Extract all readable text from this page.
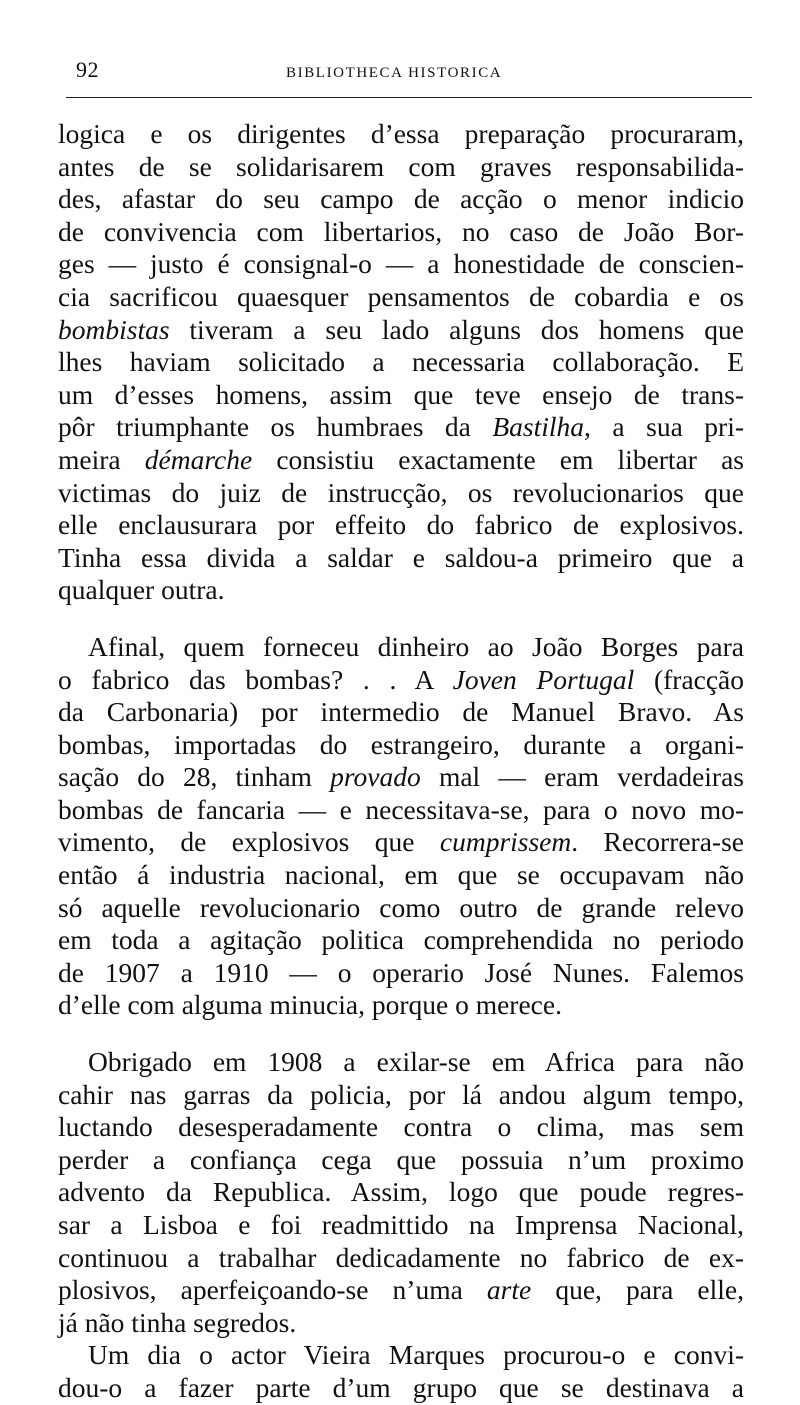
92	BIBLIOTHECA HISTORICA
logica e os dirigentes d’essa preparação procuraram,
antes de se solidarisarem com graves responsabilida-
des, afastar do seu campo de acção o menor indicio
de convivencia com libertarios, no caso de João Bor-
ges — justo é consignal-o — a honestidade de conscien-
cia sacrificou quaesquer pensamentos de cobardia e os
bombistas tiveram a seu lado alguns dos homens que
lhes haviam solicitado a necessaria collaboração. E
um d’esses homens, assim que teve ensejo de trans-
pôr triumphante os humbraes da Bastilha, a sua pri-
meira démarche consistiu exactamente em libertar as
victimas do juiz de instrucção, os revolucionarios que
elle enclausurara por effeito do fabrico de explosivos.
Tinha essa divida a saldar e saldou-a primeiro que a
qualquer outra.
Afinal, quem forneceu dinheiro ao João Borges para
o fabrico das bombas? . . A Joven Portugal (fracção
da Carbonaria) por intermedio de Manuel Bravo. As
bombas, importadas do estrangeiro, durante a organi-
sação do 28, tinham provado mal — eram verdadeiras
bombas de fancaria — e necessitava-se, para o novo mo-
vimento, de explosivos que cumprissem. Recorrera-se
então á industria nacional, em que se occupavam não
só aquelle revolucionario como outro de grande relevo
em toda a agitação politica comprehendida no periodo
de 1907 a 1910 — o operario José Nunes. Falemos
d’elle com alguma minucia, porque o merece.
Obrigado em 1908 a exilar-se em Africa para não
cahir nas garras da policia, por lá andou algum tempo,
luctando desesperadamente contra o clima, mas sem
perder a confiança cega que possuia n’um proximo
advento da Republica. Assim, logo que poude regres-
sar a Lisboa e foi readmittido na Imprensa Nacional,
continuou a trabalhar dedicadamente no fabrico de ex-
plosivos, aperfeiçoando-se n’uma arte que, para elle,
já não tinha segredos.
Um dia o actor Vieira Marques procurou-o e convi-
dou-o a fazer parte d’um grupo que se destinava a
